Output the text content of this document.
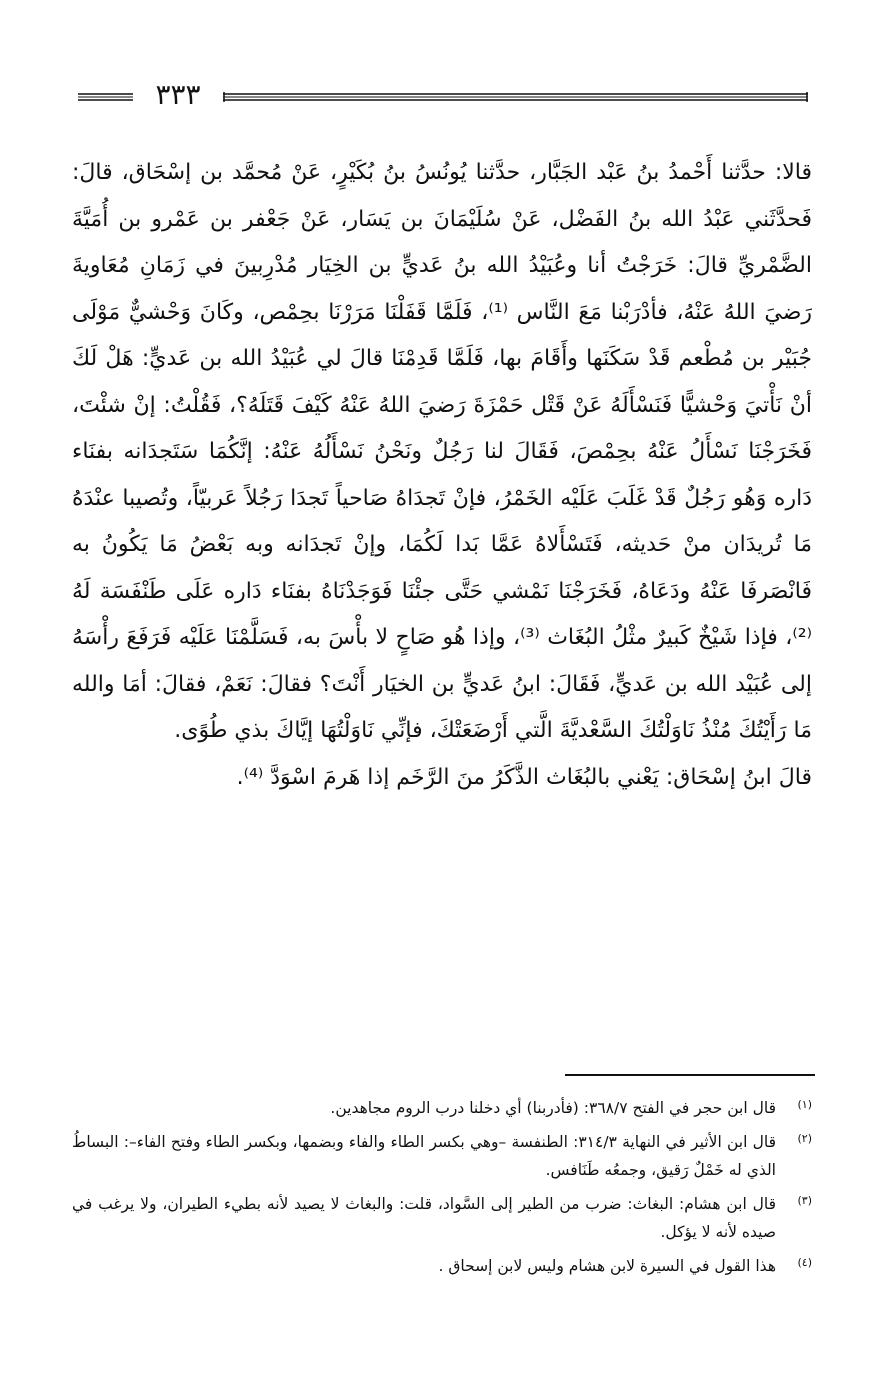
٣٣٣

قالا: حدَّثنا أَحْمدُ بنُ عَبْد الجَبَّار، حدَّثنا يُونُسُ بنُ بُكَيْرٍ، عَنْ مُحمَّد بن إسْحَاق، قالَ: فَحدَّثَني عَبْدُ الله بنُ الفَضْل، عَنْ سُلَيْمَانَ بن يَسَار، عَنْ جَعْفر بن عَمْرو بن أُمَيَّةَ الضَّمْريِّ قالَ: خَرَجْتُ أنا وعُبَيْدُ الله بنُ عَديٍّ بن الخِيَار مُدْرِبينَ في زَمَانِ مُعَاويةَ رَضيَ اللهُ عَنْهُ، فأدْرَبْنا مَعَ النَّاس ⁽¹⁾، فَلَمَّا قَفَلْنَا مَرَرْنَا بحِمْص، وكَانَ وَحْشيٌّ مَوْلَى جُبَيْر بن مُطْعم قَدْ سَكَنَها وأَقَامَ بها، فَلَمَّا قَدِمْنَا قالَ لي عُبَيْدُ الله بن عَديٍّ: هَلْ لَكَ أنْ نَأْتيَ وَحْشيًّا فَنَسْأَلَهُ عَنْ قَتْل حَمْزَةَ رَضيَ اللهُ عَنْهُ كَيْفَ قَتَلَهُ؟، فَقُلْتُ: إنْ شئْتَ، فَخَرَجْنَا نَسْأَلُ عَنْهُ بحِمْصَ، فَقَالَ لنا رَجُلٌ ونَحْنُ نَسْأَلُهُ عَنْهُ: إنَّكُمَا سَتَجدَانه بفنَاء دَاره وَهُو رَجُلٌ قَدْ غَلَبَ عَلَيْه الخَمْرُ، فإنْ تَجدَاهُ صَاحياً تَجدَا رَجُلاً عَربيّاً، وتُصيبا عنْدَهُ مَا تُريدَان منْ حَديثه، فَتَسْأَلاهُ عَمَّا بَدا لَكُمَا، وإنْ تَجدَانه وبه بَعْضُ مَا يَكُونُ به فَانْصَرفَا عَنْهُ ودَعَاهُ، فَخَرَجْنَا نَمْشي حَتَّى جئْنَا فَوَجَدْنَاهُ بفنَاء دَاره عَلَى طَنْفَسَة لَهُ ⁽²⁾، فإذا شَيْخٌ كَبيرٌ مثْلُ البُغَاث ⁽³⁾، وإذا هُو صَاحٍ لا بأْسَ به، فَسَلَّمْنَا عَلَيْه فَرَفَعَ رأْسَهُ إلى عُبَيْد الله بن عَديٍّ، فَقَالَ: ابنُ عَديٍّ بن الخيَار أَنْتَ؟ فقالَ: نَعَمْ، فقالَ: أمَا والله مَا رَأَيْتُكَ مُنْذُ نَاوَلْتُكَ السَّعْديَّةَ الَّتي أَرْضَعَتْكَ، فإنِّي نَاوَلْتُهَا إيَّاكَ بذي طُوًى.

قالَ ابنُ إسْحَاق: يَعْني بالبُغَاث الذَّكَرُ منَ الرَّخَم إذا هَرمَ اسْوَدَّ ⁽⁴⁾.

(١)
قال ابن حجر في الفتح ٣٦٨/٧: (فأدربنا) أي دخلنا درب الروم مجاهدين.
(٢)
قال ابن الأثير في النهاية ٣١٤/٣: الطنفسة –وهي بكسر الطاء والفاء وبضمها، وبكسر الطاء وفتح الفاء–: البساطُ الذي له خَمْلٌ رَقيق، وجمعُه طَنَافس.
(٣)
قال ابن هشام: البغاث: ضرب من الطير إلى السَّواد، قلت: والبغاث لا يصيد لأنه بطيء الطيران، ولا يرغب في صيده لأنه لا يؤكل.
(٤)
هذا القول في السيرة لابن هشام وليس لابن إسحاق .
